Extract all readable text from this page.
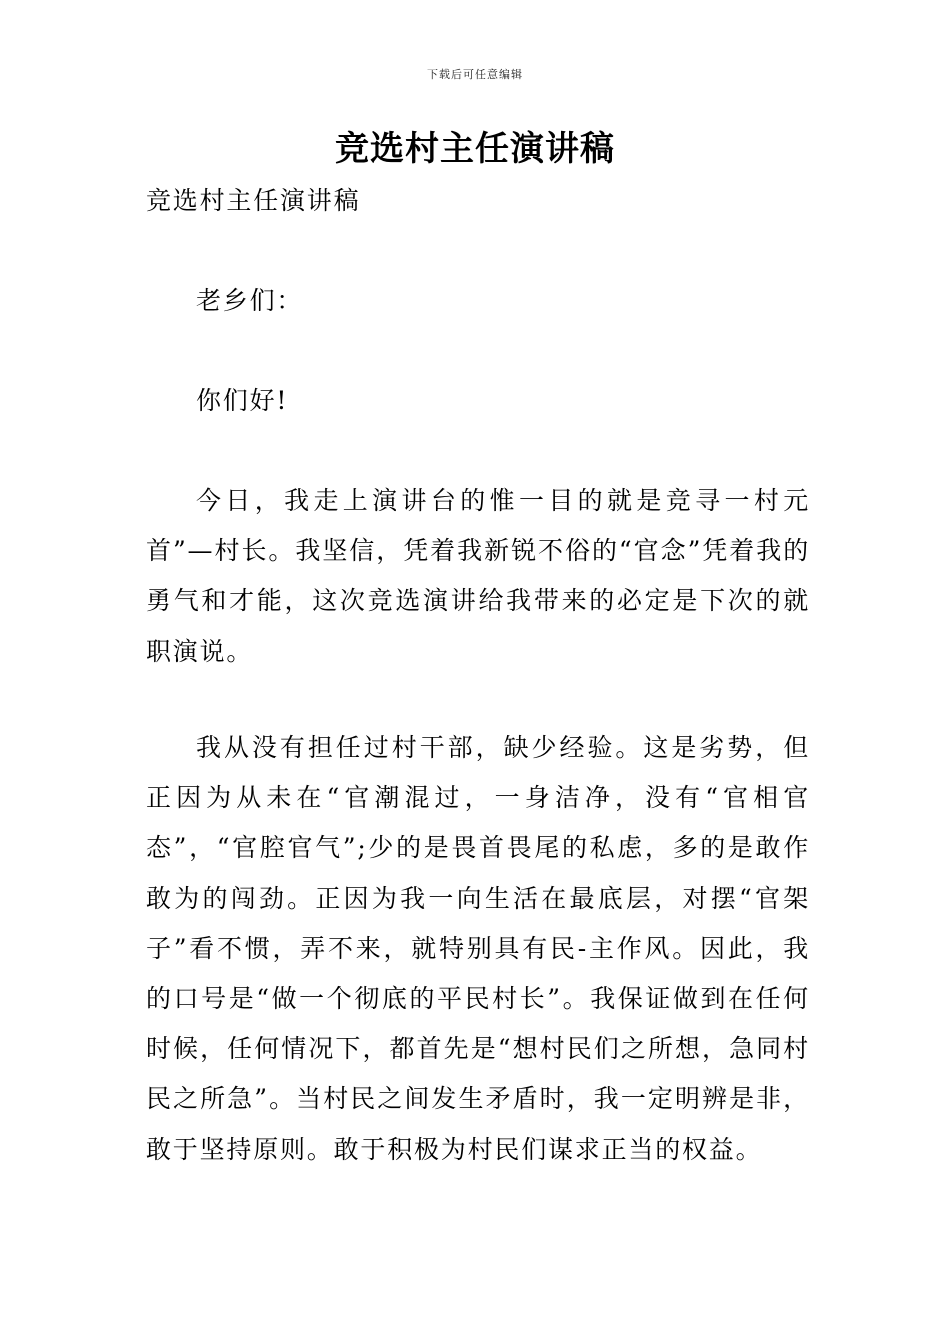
下载后可任意编辑
竞选村主任演讲稿

竞选村主任演讲稿

老乡们：

你们好!

今日，我走上演讲台的惟一目的就是竞寻一村元首”—村长。我坚信，凭着我新锐不俗的“官念”凭着我的勇气和才能，这次竞选演讲给我带来的必定是下次的就职演说。

我从没有担任过村干部，缺少经验。这是劣势，但正因为从未在“官潮混过，一身洁净，没有“官相官态”，“官腔官气”;少的是畏首畏尾的私虑，多的是敢作敢为的闯劲。正因为我一向生活在最底层，对摆“官架子”看不惯，弄不来，就特别具有民-主作风。因此，我的口号是“做一个彻底的平民村长”。我保证做到在任何时候，任何情况下，都首先是“想村民们之所想，急同村民之所急”。当村民之间发生矛盾时，我一定明辨是非，敢于坚持原则。敢于积极为村民们谋求正当的权益。
